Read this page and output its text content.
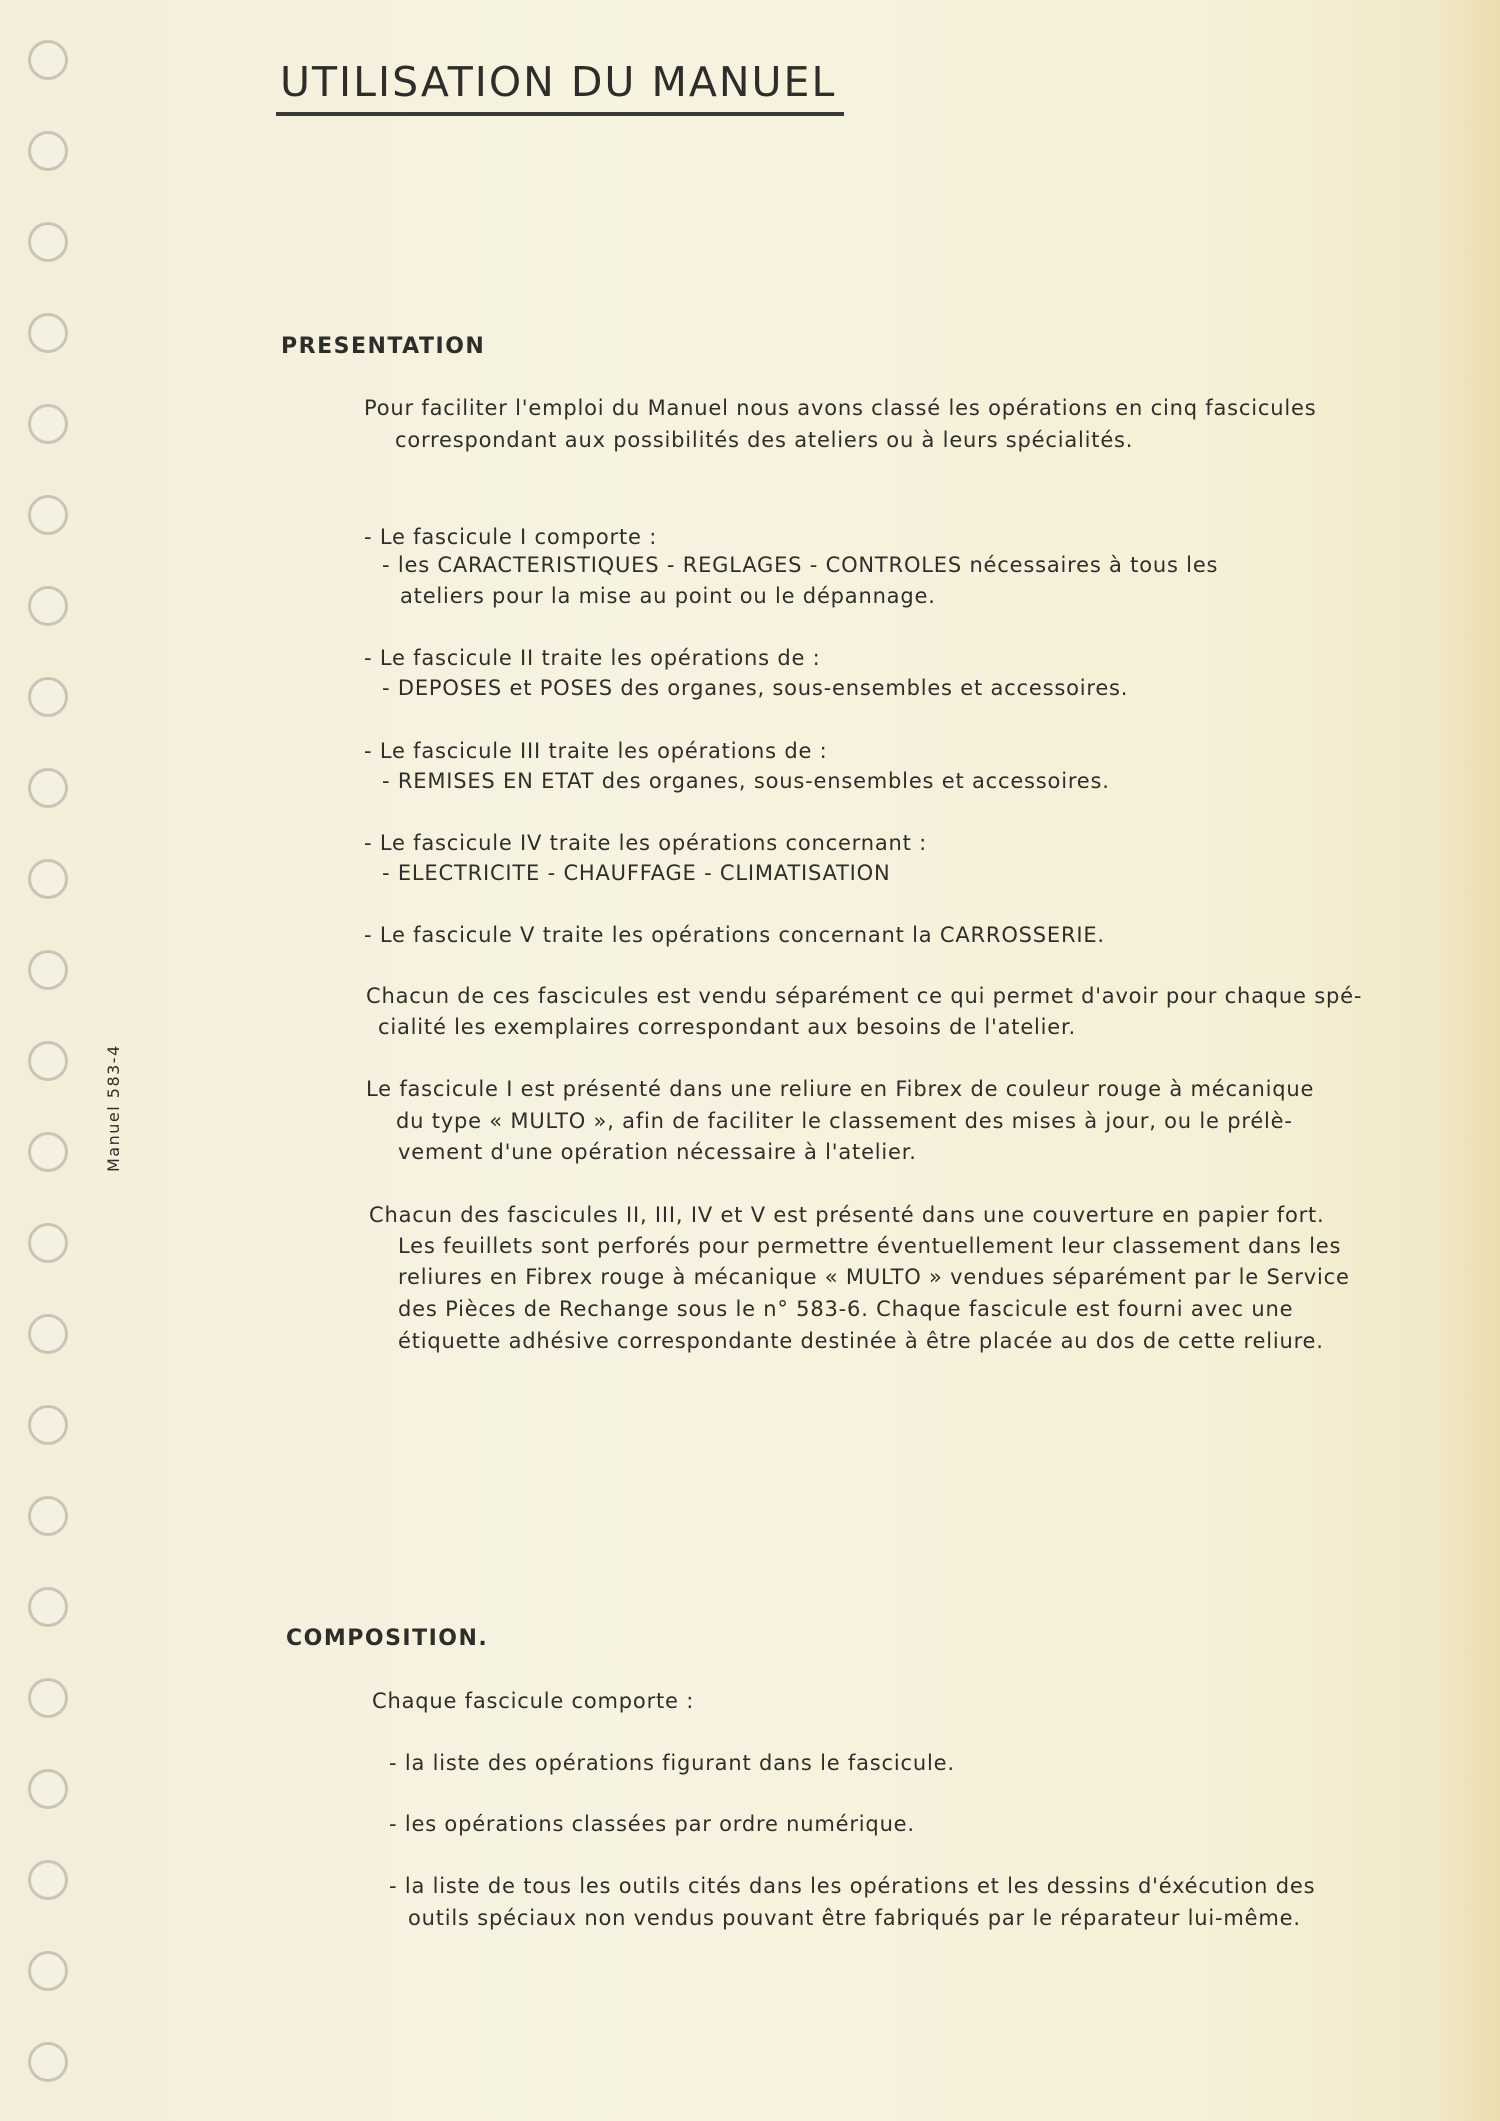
UTILISATION DU MANUEL
Manuel 583-4
PRESENTATION

Pour faciliter l'emploi du Manuel nous avons classé les opérations en cinq fascicules

correspondant aux possibilités des ateliers ou à leurs spécialités.

- Le fascicule I comporte :

- les CARACTERISTIQUES - REGLAGES - CONTROLES nécessaires à tous les

ateliers pour la mise au point ou le dépannage.

- Le fascicule II traite les opérations de :

- DEPOSES et POSES des organes, sous-ensembles et accessoires.

- Le fascicule III traite les opérations de :

- REMISES EN ETAT des organes, sous-ensembles et accessoires.

- Le fascicule IV traite les opérations concernant :

- ELECTRICITE - CHAUFFAGE - CLIMATISATION

- Le fascicule V traite les opérations concernant la CARROSSERIE.

Chacun de ces fascicules est vendu séparément ce qui permet d'avoir pour chaque spé-

cialité les exemplaires correspondant aux besoins de l'atelier.

Le fascicule I est présenté dans une reliure en Fibrex de couleur rouge à mécanique

du type « MULTO », afin de faciliter le classement des mises à jour, ou le prélè-

vement d'une opération nécessaire à l'atelier.

Chacun des fascicules II, III, IV et V est présenté dans une couverture en papier fort.

Les feuillets sont perforés pour permettre éventuellement leur classement dans les

reliures en Fibrex rouge à mécanique « MULTO » vendues séparément par le Service

des Pièces de Rechange sous le n° 583-6. Chaque fascicule est fourni avec une

étiquette adhésive correspondante destinée à être placée au dos de cette reliure.

COMPOSITION.

Chaque fascicule comporte :

- la liste des opérations figurant dans le fascicule.

- les opérations classées par ordre numérique.

- la liste de tous les outils cités dans les opérations et les dessins d'éxécution des

outils spéciaux non vendus pouvant être fabriqués par le réparateur lui-même.
